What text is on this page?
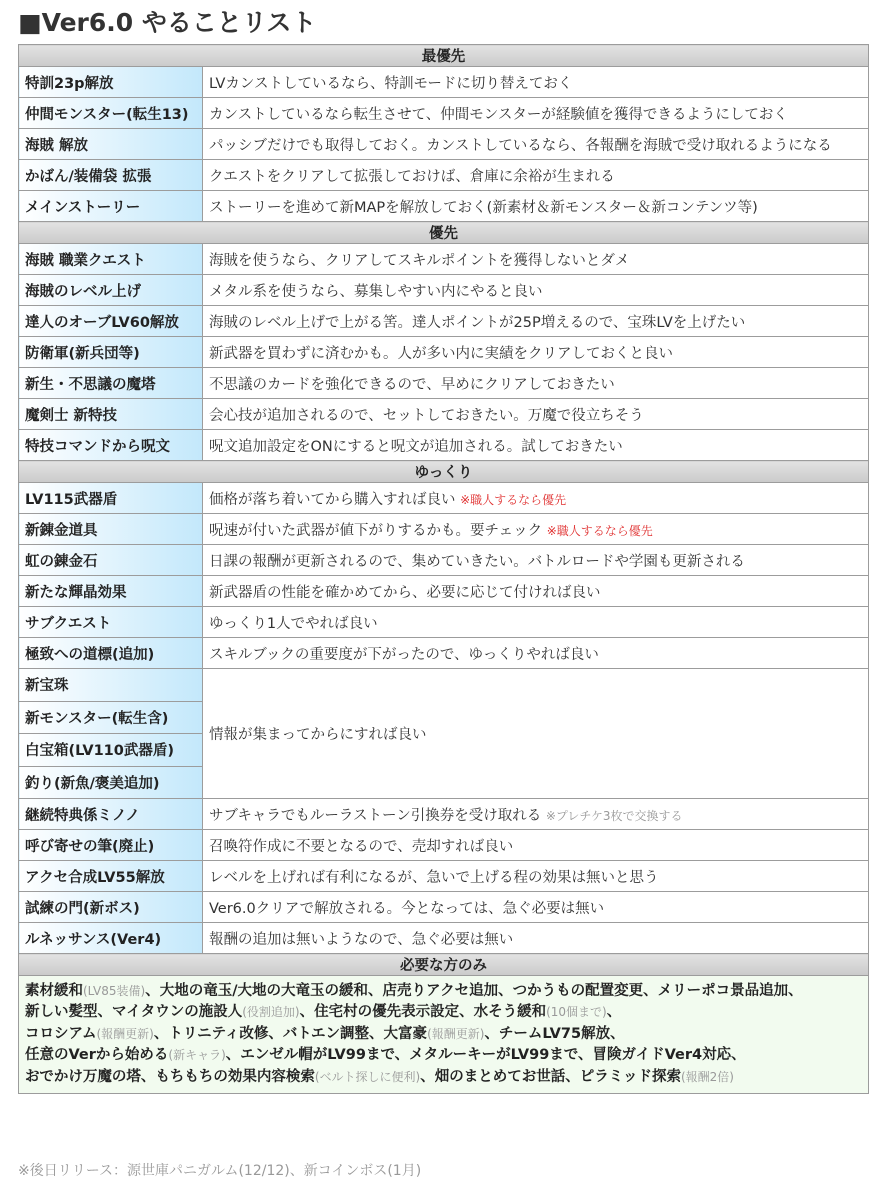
■Ver6.0 やることリスト
最優先	
特訓23p解放	LVカンストしているなら、特訓モードに切り替えておく
仲間モンスター(転生13)	カンストしているなら転生させて、仲間モンスターが経験値を獲得できるようにしておく
海賊 解放	パッシブだけでも取得しておく。カンストしているなら、各報酬を海賊で受け取れるようになる
かばん/装備袋 拡張	クエストをクリアして拡張しておけば、倉庫に余裕が生まれる
メインストーリー	ストーリーを進めて新MAPを解放しておく(新素材＆新モンスター＆新コンテンツ等)
優先	
海賊 職業クエスト	海賊を使うなら、クリアしてスキルポイントを獲得しないとダメ
海賊のレベル上げ	メタル系を使うなら、募集しやすい内にやると良い
達人のオーブLV60解放	海賊のレベル上げで上がる筈。達人ポイントが25P増えるので、宝珠LVを上げたい
防衛軍(新兵団等)	新武器を買わずに済むかも。人が多い内に実績をクリアしておくと良い
新生・不思議の魔塔	不思議のカードを強化できるので、早めにクリアしておきたい
魔剣士 新特技	会心技が追加されるので、セットしておきたい。万魔で役立ちそう
特技コマンドから呪文	呪文追加設定をONにすると呪文が追加される。試しておきたい
ゆっくり	
LV115武器盾	価格が落ち着いてから購入すれば良い ※職人するなら優先
新錬金道具	呪速が付いた武器が値下がりするかも。要チェック ※職人するなら優先
虹の錬金石	日課の報酬が更新されるので、集めていきたい。バトルロードや学園も更新される
新たな輝晶効果	新武器盾の性能を確かめてから、必要に応じて付ければ良い
サブクエスト	ゆっくり1人でやれば良い
極致への道標(追加)	スキルブックの重要度が下がったので、ゆっくりやれば良い
新宝珠	情報が集まってからにすれば良い
新モンスター(転生含)	
白宝箱(LV110武器盾)	
釣り(新魚/褒美追加)	
継続特典係ミノノ	サブキャラでもルーラストーン引換券を受け取れる ※プレチケ3枚で交換する
呼び寄せの筆(廃止)	召喚符作成に不要となるので、売却すれば良い
アクセ合成LV55解放	レベルを上げれば有利になるが、急いで上げる程の効果は無いと思う
試練の門(新ボス)	Ver6.0クリアで解放される。今となっては、急ぐ必要は無い
ルネッサンス(Ver4)	報酬の追加は無いようなので、急ぐ必要は無い
必要な方のみ	

素材緩和(LV85装備)、大地の竜玉/大地の大竜玉の緩和、店売りアクセ追加、つかうもの配置変更、メリーポコ景品追加、
新しい髪型、マイタウンの施設人(役割追加)、住宅村の優先表示設定、水そう緩和(10個まで)、
コロシアム(報酬更新)、トリニティ改修、バトエン調整、大富豪(報酬更新)、チームLV75解放、
任意のVerから始める(新キャラ)、エンゼル帽がLV99まで、メタルーキーがLV99まで、冒険ガイドVer4対応、
おでかけ万魔の塔、もちもちの効果内容検索(ベルト探しに便利)、畑のまとめてお世話、ピラミッド探索(報酬2倍)	
※後日リリース：源世庫パニガルム(12/12)、新コインボス(1月)
